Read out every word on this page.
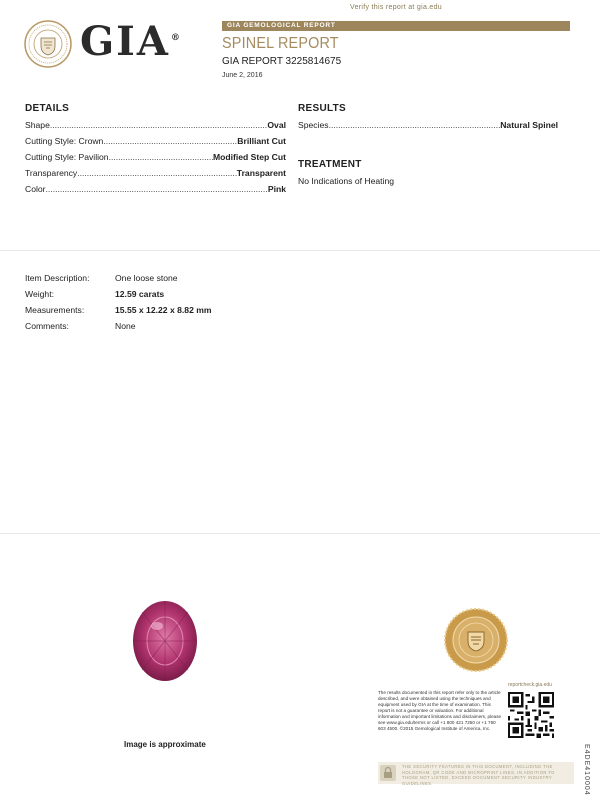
Verify this report at gia.edu
GIA®
GIA GEMOLOGICAL REPORT
SPINEL REPORT
GIA REPORT 3225814675
June 2, 2016
DETAILS
Shape .....	Oval
Cutting Style: Crown .....	Brilliant Cut
Cutting Style: Pavilion .....	Modified Step Cut
Transparency .....	Transparent
Color .....	Pink
RESULTS
Species .....	Natural Spinel
TREATMENT
No Indications of Heating
Item Description:	One loose stone
Weight:	12.59 carats
Measurements:	15.55 x 12.22 x 8.82 mm
Comments:	None
Image is approximate
reportcheck.gia.edu
The results documented in this report refer only to the article described, and were obtained using the techniques and equipment used by GIA at the time of examination. This report is not a guarantee or valuation. For additional information and important limitations and disclaimers, please see www.gia.edu/terms or call +1 800 421 7250 or +1 760 603 4500. ©2015 Gemological Institute of America, Inc.
E4DE410004
THE SECURITY FEATURES IN THIS DOCUMENT, INCLUDING THE HOLOGRAM, QR CODE AND MICROPRINT LINES, IN ADDITION TO THOSE NOT LISTED, EXCEED DOCUMENT SECURITY INDUSTRY GUIDELINES.
